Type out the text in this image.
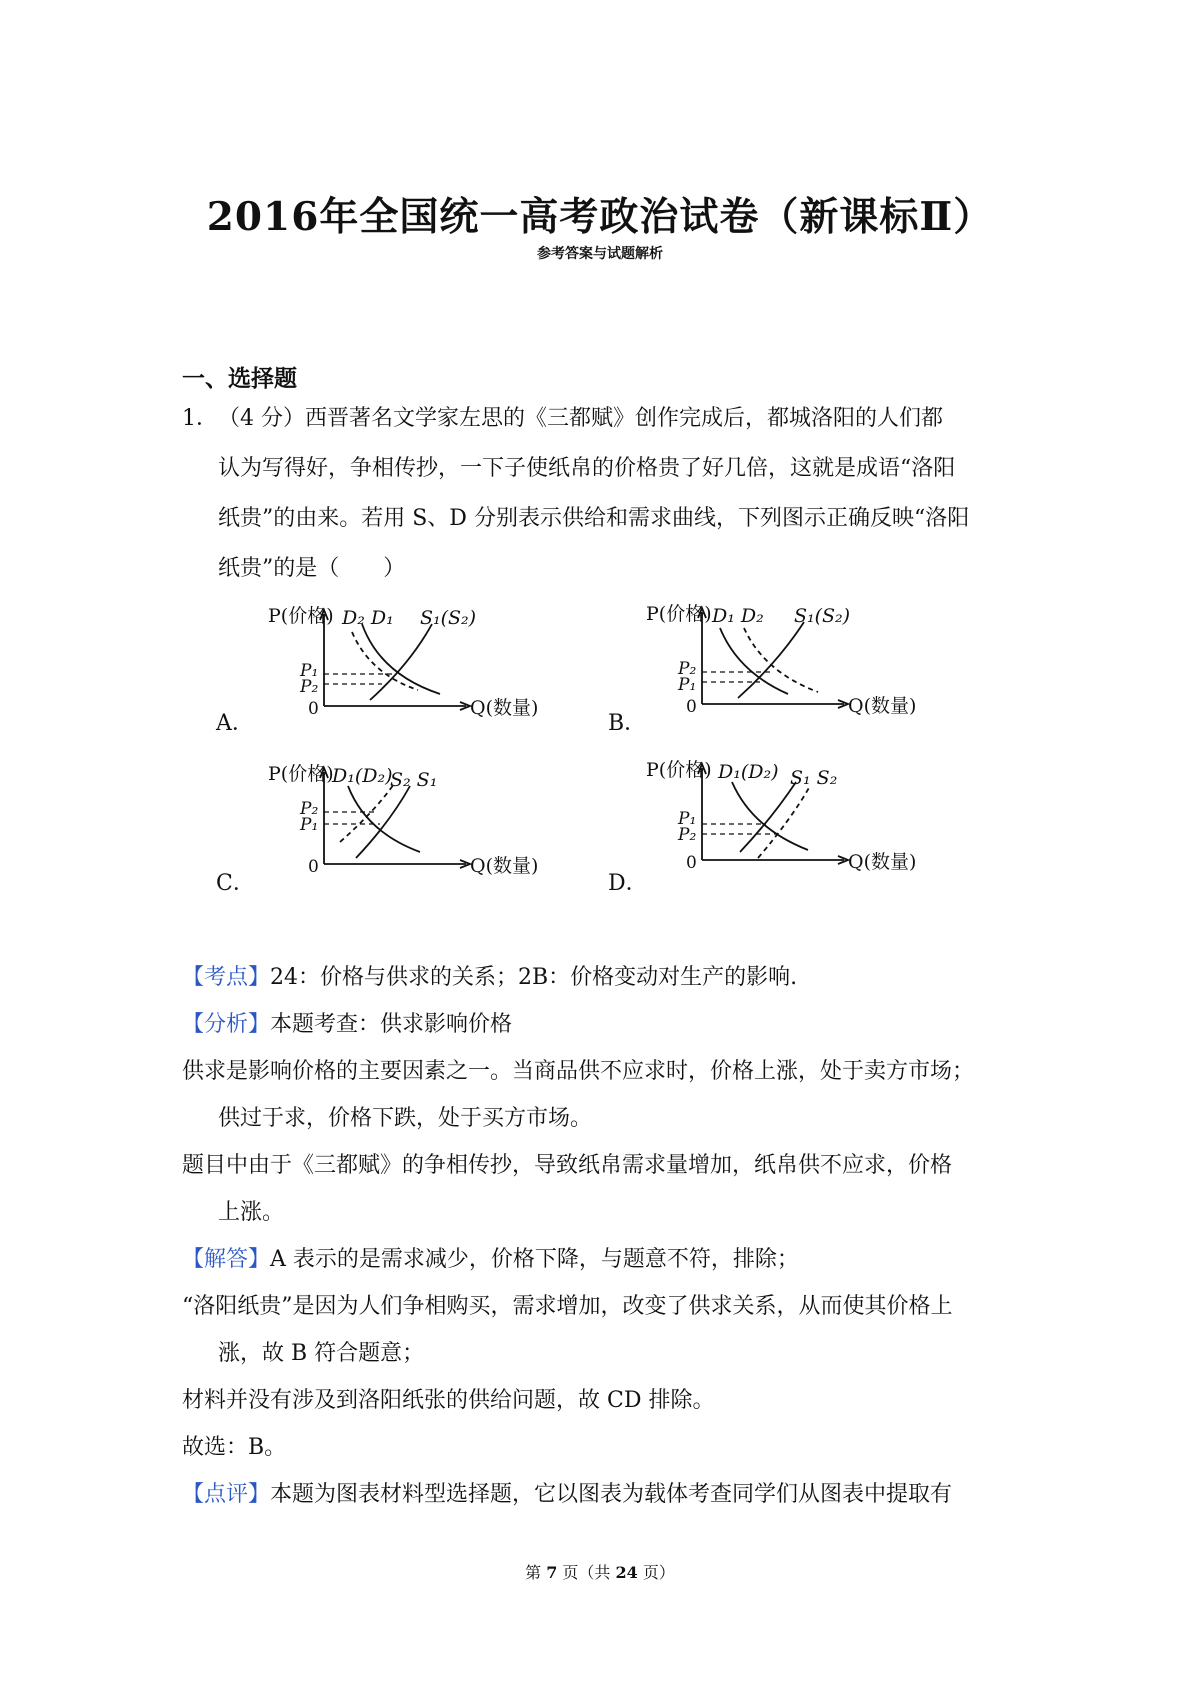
2016年全国统一高考政治试卷（新课标Ⅱ）
参考答案与试题解析
一、选择题
1． （4 分）西晋著名文学家左思的《三都赋》创作完成后，都城洛阳的人们都
认为写得好，争相传抄，一下子使纸帛的价格贵了好几倍，这就是成语“洛阳
纸贵”的由来。若用 S、D 分别表示供给和需求曲线，下列图示正确反映“洛阳
纸贵”的是（　　）
A．	B．
C．	D．
P(价格) D₂ D₁ S₁(S₂)
P₁
P₂
0	Q(数量)
P(价格) D₁ D₂ S₁(S₂)
P₂
P₁
0	Q(数量)
P(价格)
D₁(D₂)
S₂ S₁
P₂
P₁
0	Q(数量)
P(价格) D₁(D₂) S₁ S₂
P₁
P₂
0	Q(数量)
【考点】24：价格与供求的关系；2B：价格变动对生产的影响.
【分析】本题考查：供求影响价格
供求是影响价格的主要因素之一。当商品供不应求时，价格上涨，处于卖方市场；
供过于求，价格下跌，处于买方市场。
题目中由于《三都赋》的争相传抄，导致纸帛需求量增加，纸帛供不应求，价格
上涨。
【解答】A 表示的是需求减少，价格下降，与题意不符，排除；
“洛阳纸贵”是因为人们争相购买，需求增加，改变了供求关系，从而使其价格上
涨，故 B 符合题意；
材料并没有涉及到洛阳纸张的供给问题，故 CD 排除。
故选：B。
【点评】本题为图表材料型选择题，它以图表为载体考查同学们从图表中提取有
第 7 页（共 24 页）
